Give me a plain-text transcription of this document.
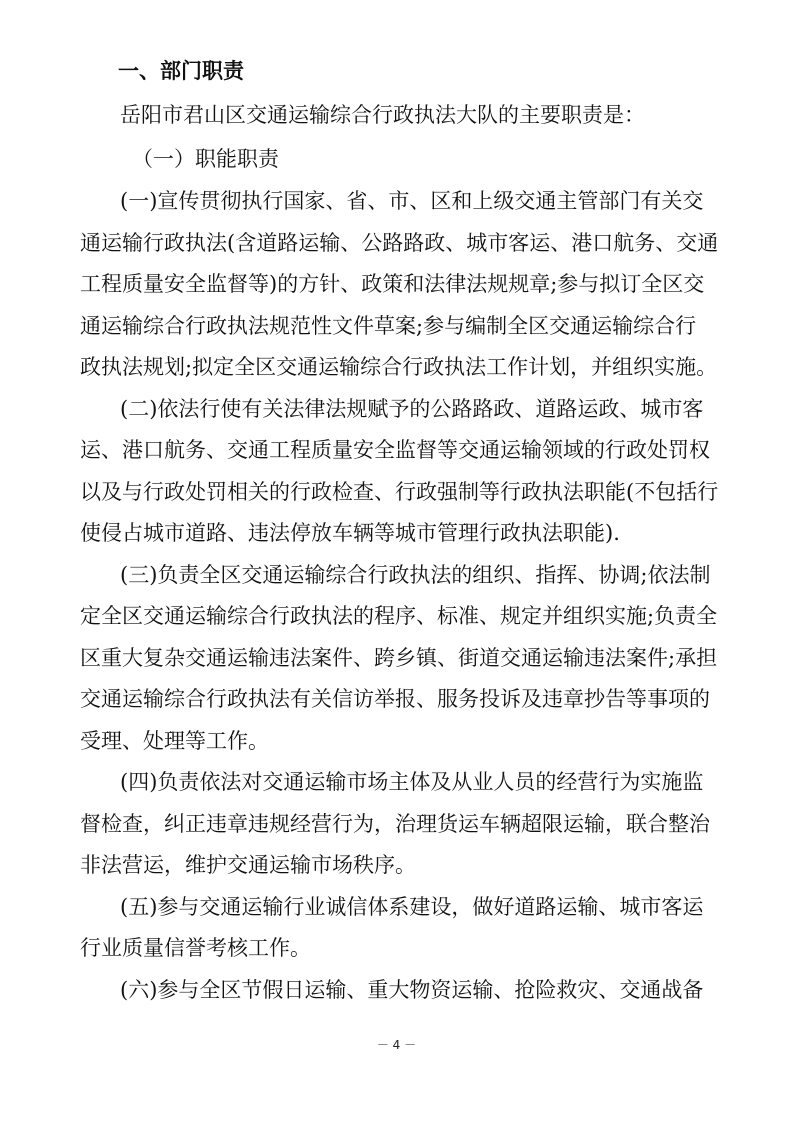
一、部门职责
岳阳市君山区交通运输综合行政执法大队的主要职责是：
（一）职能职责
(一)宣传贯彻执行国家、省、市、区和上级交通主管部门有关交
通运输行政执法(含道路运输、公路路政、城市客运、港口航务、交通
工程质量安全监督等)的方针、政策和法律法规规章;参与拟订全区交
通运输综合行政执法规范性文件草案;参与编制全区交通运输综合行
政执法规划;拟定全区交通运输综合行政执法工作计划，并组织实施。
(二)依法行使有关法律法规赋予的公路路政、道路运政、城市客
运、港口航务、交通工程质量安全监督等交通运输领域的行政处罚权
以及与行政处罚相关的行政检查、行政强制等行政执法职能(不包括行
使侵占城市道路、违法停放车辆等城市管理行政执法职能).
(三)负责全区交通运输综合行政执法的组织、指挥、协调;依法制
定全区交通运输综合行政执法的程序、标准、规定并组织实施;负责全
区重大复杂交通运输违法案件、跨乡镇、街道交通运输违法案件;承担
交通运输综合行政执法有关信访举报、服务投诉及违章抄告等事项的
受理、处理等工作。
(四)负责依法对交通运输市场主体及从业人员的经营行为实施监
督检查，纠正违章违规经营行为，治理货运车辆超限运输，联合整治
非法营运，维护交通运输市场秩序。
(五)参与交通运输行业诚信体系建设，做好道路运输、城市客运
行业质量信誉考核工作。
(六)参与全区节假日运输、重大物资运输、抢险救灾、交通战备
－ 4 －
